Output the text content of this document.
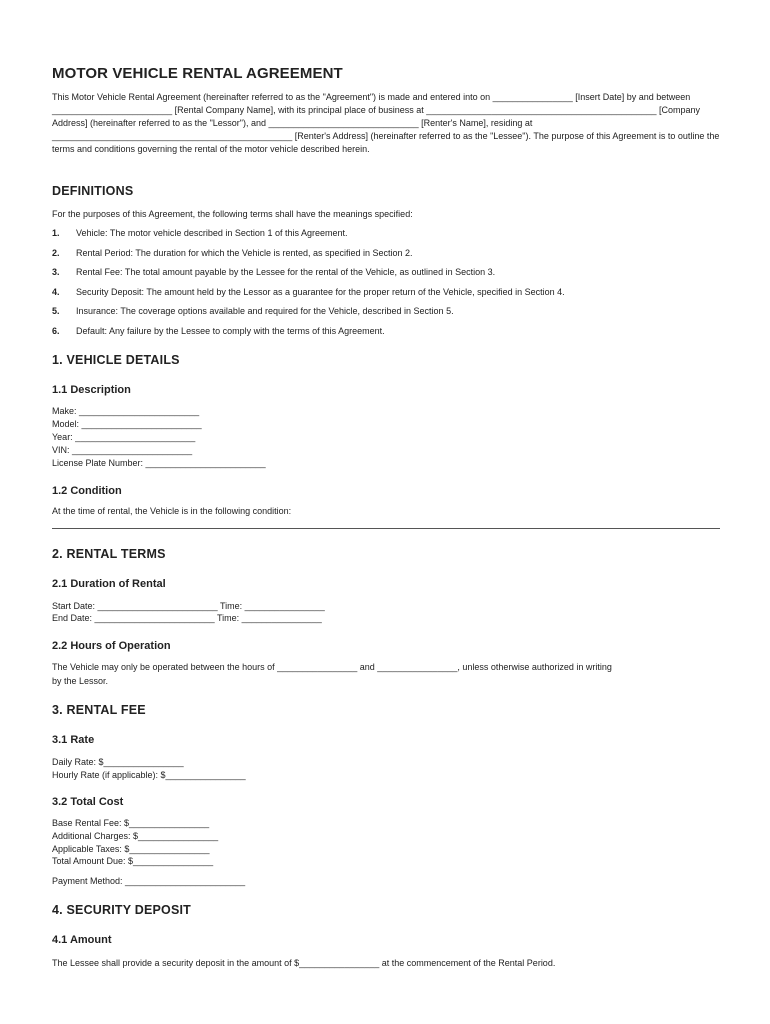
MOTOR VEHICLE RENTAL AGREEMENT
This Motor Vehicle Rental Agreement (hereinafter referred to as the "Agreement") is made and entered into on ________________ [Insert Date] by and between ________________________ [Rental Company Name], with its principal place of business at ______________________________________________ [Company Address] (hereinafter referred to as the "Lessor"), and ______________________________ [Renter's Name], residing at ________________________________________________ [Renter's Address] (hereinafter referred to as the "Lessee"). The purpose of this Agreement is to outline the terms and conditions governing the rental of the motor vehicle described herein.
DEFINITIONS
For the purposes of this Agreement, the following terms shall have the meanings specified:
1. Vehicle: The motor vehicle described in Section 1 of this Agreement.
2. Rental Period: The duration for which the Vehicle is rented, as specified in Section 2.
3. Rental Fee: The total amount payable by the Lessee for the rental of the Vehicle, as outlined in Section 3.
4. Security Deposit: The amount held by the Lessor as a guarantee for the proper return of the Vehicle, specified in Section 4.
5. Insurance: The coverage options available and required for the Vehicle, described in Section 5.
6. Default: Any failure by the Lessee to comply with the terms of this Agreement.
1. VEHICLE DETAILS
1.1 Description
Make: ________________________
Model: ________________________
Year: ________________________
VIN: ________________________
License Plate Number: ________________________
1.2 Condition
At the time of rental, the Vehicle is in the following condition:
2. RENTAL TERMS
2.1 Duration of Rental
Start Date: ________________________ Time: ________________
End Date: ________________________ Time: ________________
2.2 Hours of Operation
The Vehicle may only be operated between the hours of ________________ and ________________, unless otherwise authorized in writing
by the Lessor.
3. RENTAL FEE
3.1 Rate
Daily Rate: $________________
Hourly Rate (if applicable): $________________
3.2 Total Cost
Base Rental Fee: $________________
Additional Charges: $________________
Applicable Taxes: $________________
Total Amount Due: $________________
Payment Method: ________________________
4. SECURITY DEPOSIT
4.1 Amount
The Lessee shall provide a security deposit in the amount of $________________ at the commencement of the Rental Period.
